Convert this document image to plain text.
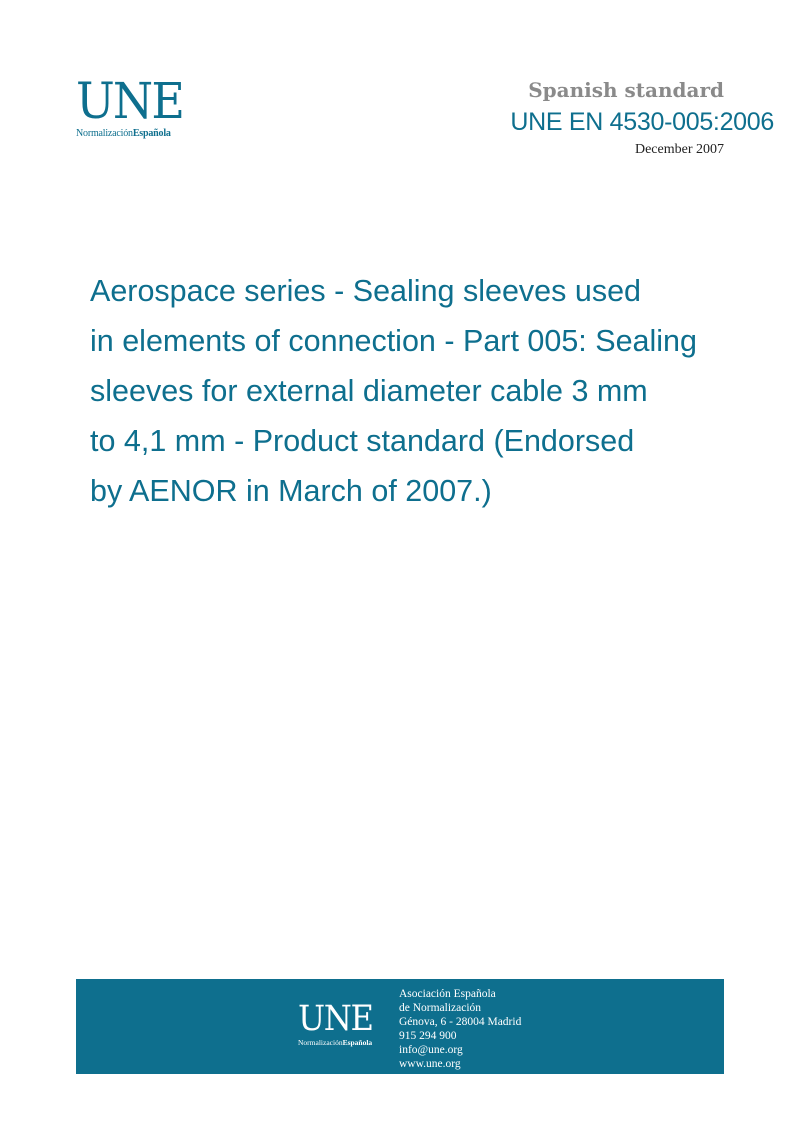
UNE
NormalizaciónEspañola
Spanish standard
UNE EN 4530-005:2006
December 2007
Aerospace series - Sealing sleeves used
in elements of connection - Part 005: Sealing
sleeves for external diameter cable 3 mm
to 4,1 mm - Product standard (Endorsed
by AENOR in March of 2007.)
UNE
NormalizaciónEspañola
Asociación Española
de Normalización
Génova, 6 - 28004 Madrid
915 294 900
info@une.org
www.une.org
